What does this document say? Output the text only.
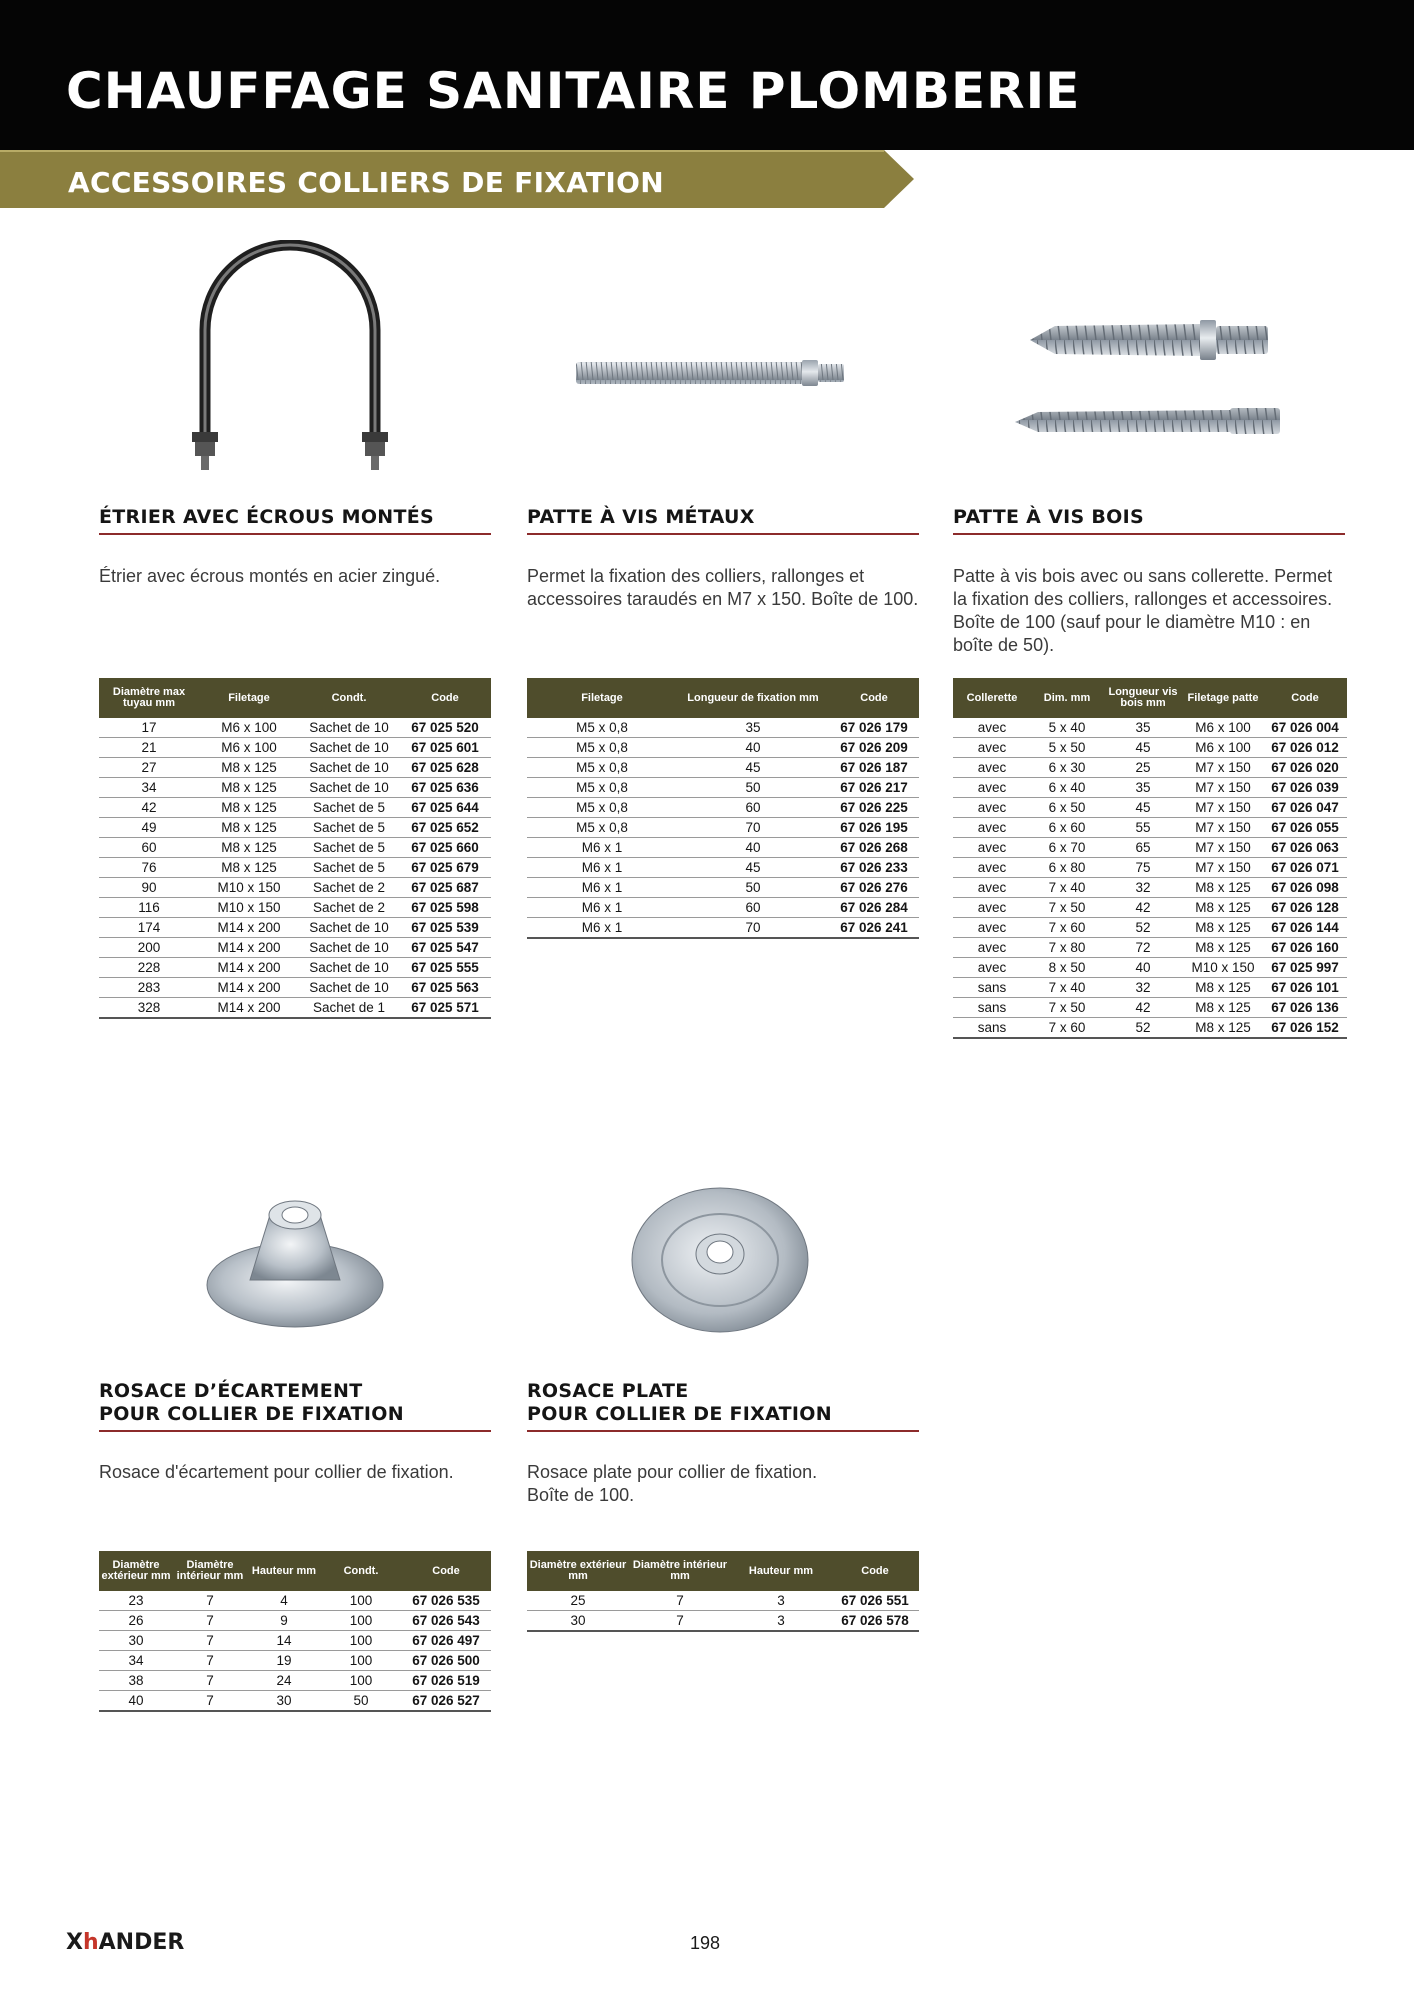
CHAUFFAGE SANITAIRE PLOMBERIE
ACCESSOIRES COLLIERS DE FIXATION
ÉTRIER AVEC ÉCROUS MONTÉS

Étrier avec écrous montés en acier zingué.

Diamètre max tuyau mm	Filetage	Condt.	Code
17	M6 x 100	Sachet de 10	67 025 520
21	M6 x 100	Sachet de 10	67 025 601
27	M8 x 125	Sachet de 10	67 025 628
34	M8 x 125	Sachet de 10	67 025 636
42	M8 x 125	Sachet de 5	67 025 644
49	M8 x 125	Sachet de 5	67 025 652
60	M8 x 125	Sachet de 5	67 025 660
76	M8 x 125	Sachet de 5	67 025 679
90	M10 x 150	Sachet de 2	67 025 687
116	M10 x 150	Sachet de 2	67 025 598
174	M14 x 200	Sachet de 10	67 025 539
200	M14 x 200	Sachet de 10	67 025 547
228	M14 x 200	Sachet de 10	67 025 555
283	M14 x 200	Sachet de 10	67 025 563
328	M14 x 200	Sachet de 1	67 025 571
PATTE À VIS MÉTAUX

Permet la fixation des colliers, rallonges et accessoires taraudés en M7 x 150. Boîte de 100.

Filetage	Longueur de fixation mm	Code
M5 x 0,8	35	67 026 179
M5 x 0,8	40	67 026 209
M5 x 0,8	45	67 026 187
M5 x 0,8	50	67 026 217
M5 x 0,8	60	67 026 225
M5 x 0,8	70	67 026 195
M6 x 1	40	67 026 268
M6 x 1	45	67 026 233
M6 x 1	50	67 026 276
M6 x 1	60	67 026 284
M6 x 1	70	67 026 241
PATTE À VIS BOIS

Patte à vis bois avec ou sans collerette. Permet la fixation des colliers, rallonges et accessoires. Boîte de 100 (sauf pour le diamètre M10 : en boîte de 50).

Collerette	Dim. mm	Longueur vis bois mm	Filetage patte	Code
avec	5 x 40	35	M6 x 100	67 026 004
avec	5 x 50	45	M6 x 100	67 026 012
avec	6 x 30	25	M7 x 150	67 026 020
avec	6 x 40	35	M7 x 150	67 026 039
avec	6 x 50	45	M7 x 150	67 026 047
avec	6 x 60	55	M7 x 150	67 026 055
avec	6 x 70	65	M7 x 150	67 026 063
avec	6 x 80	75	M7 x 150	67 026 071
avec	7 x 40	32	M8 x 125	67 026 098
avec	7 x 50	42	M8 x 125	67 026 128
avec	7 x 60	52	M8 x 125	67 026 144
avec	7 x 80	72	M8 x 125	67 026 160
avec	8 x 50	40	M10 x 150	67 025 997
sans	7 x 40	32	M8 x 125	67 026 101
sans	7 x 50	42	M8 x 125	67 026 136
sans	7 x 60	52	M8 x 125	67 026 152
ROSACE D’ÉCARTEMENT
POUR COLLIER DE FIXATION

Rosace d'écartement pour collier de fixation.

Diamètre extérieur mm	Diamètre intérieur mm	Hauteur mm	Condt.	Code
23	7	4	100	67 026 535
26	7	9	100	67 026 543
30	7	14	100	67 026 497
34	7	19	100	67 026 500
38	7	24	100	67 026 519
40	7	30	50	67 026 527
ROSACE PLATE
POUR COLLIER DE FIXATION

Rosace plate pour collier de fixation.
Boîte de 100.

Diamètre extérieur mm	Diamètre intérieur mm	Hauteur mm	Code
25	7	3	67 026 551
30	7	3	67 026 578
XhANDER	198
